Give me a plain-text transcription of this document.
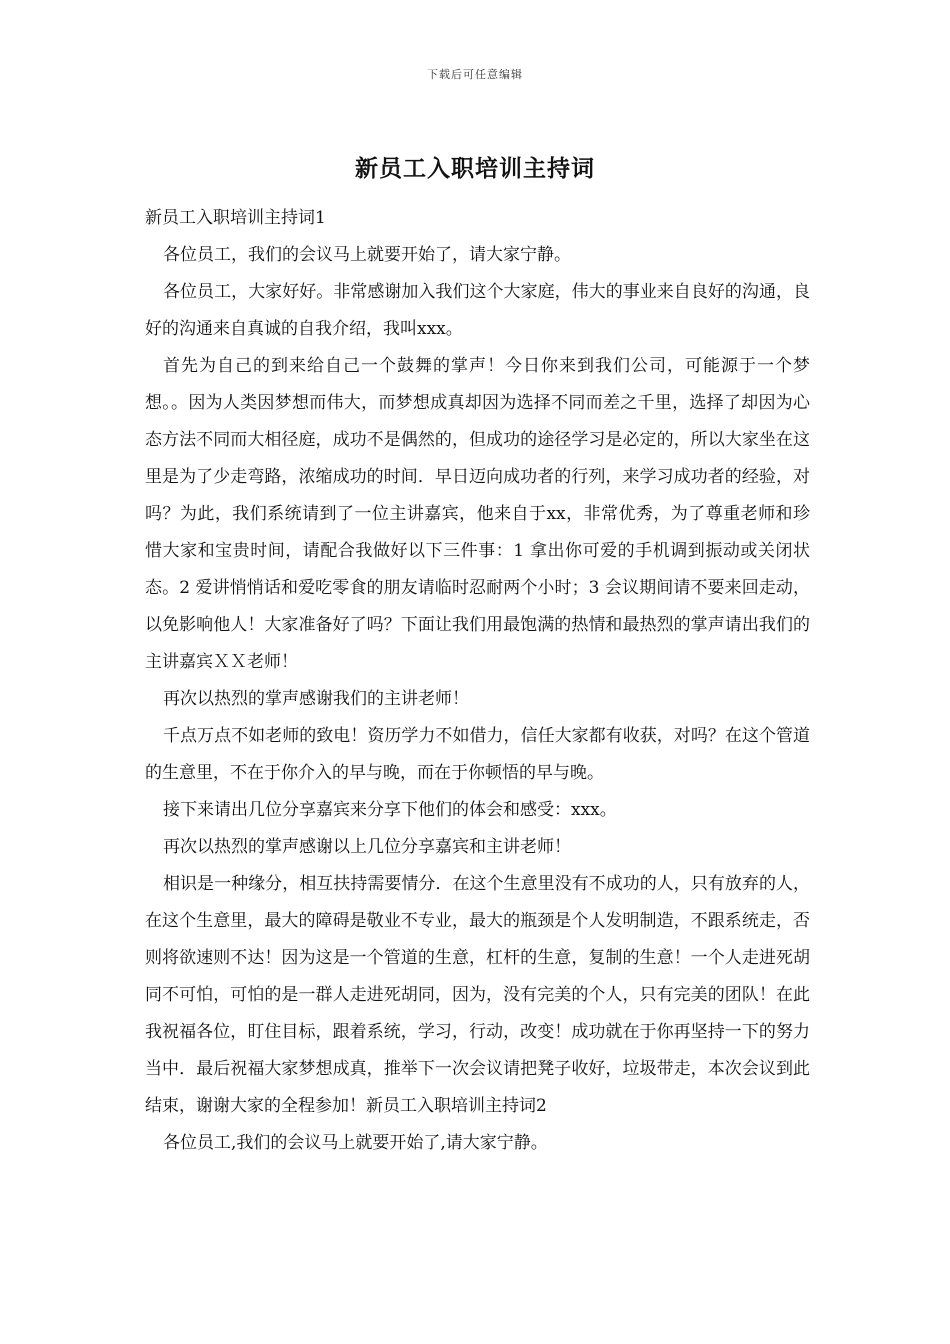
下载后可任意编辑
新员工入职培训主持词

新员工入职培训主持词1

各位员工，我们的会议马上就要开始了，请大家宁静。

各位员工，大家好好。非常感谢加入我们这个大家庭，伟大的事业来自良好的沟通，良好的沟通来自真诚的自我介绍，我叫xxx。

首先为自己的到来给自己一个鼓舞的掌声！今日你来到我们公司，可能源于一个梦想。。因为人类因梦想而伟大，而梦想成真却因为选择不同而差之千里，选择了却因为心态方法不同而大相径庭，成功不是偶然的，但成功的途径学习是必定的，所以大家坐在这里是为了少走弯路，浓缩成功的时间．早日迈向成功者的行列，来学习成功者的经验，对吗？为此，我们系统请到了一位主讲嘉宾，他来自于xx，非常优秀，为了尊重老师和珍惜大家和宝贵时间，请配合我做好以下三件事：1 拿出你可爱的手机调到振动或关闭状态。2 爱讲悄悄话和爱吃零食的朋友请临时忍耐两个小时；3 会议期间请不要来回走动，以免影响他人！大家准备好了吗？下面让我们用最饱满的热情和最热烈的掌声请出我们的主讲嘉宾ＸＸ老师！

再次以热烈的掌声感谢我们的主讲老师！

千点万点不如老师的致电！资历学力不如借力，信任大家都有收获，对吗？在这个管道的生意里，不在于你介入的早与晚，而在于你顿悟的早与晚。

接下来请出几位分享嘉宾来分享下他们的体会和感受：xxx。

再次以热烈的掌声感谢以上几位分享嘉宾和主讲老师！

相识是一种缘分，相互扶持需要情分．在这个生意里没有不成功的人，只有放弃的人，在这个生意里，最大的障碍是敬业不专业，最大的瓶颈是个人发明制造，不跟系统走，否则将欲速则不达！因为这是一个管道的生意，杠杆的生意，复制的生意！一个人走进死胡同不可怕，可怕的是一群人走进死胡同，因为，没有完美的个人，只有完美的团队！在此我祝福各位，盯住目标，跟着系统，学习，行动，改变！成功就在于你再坚持一下的努力当中．最后祝福大家梦想成真，推举下一次会议请把凳子收好，垃圾带走，本次会议到此结束，谢谢大家的全程参加！新员工入职培训主持词2

各位员工,我们的会议马上就要开始了,请大家宁静。
